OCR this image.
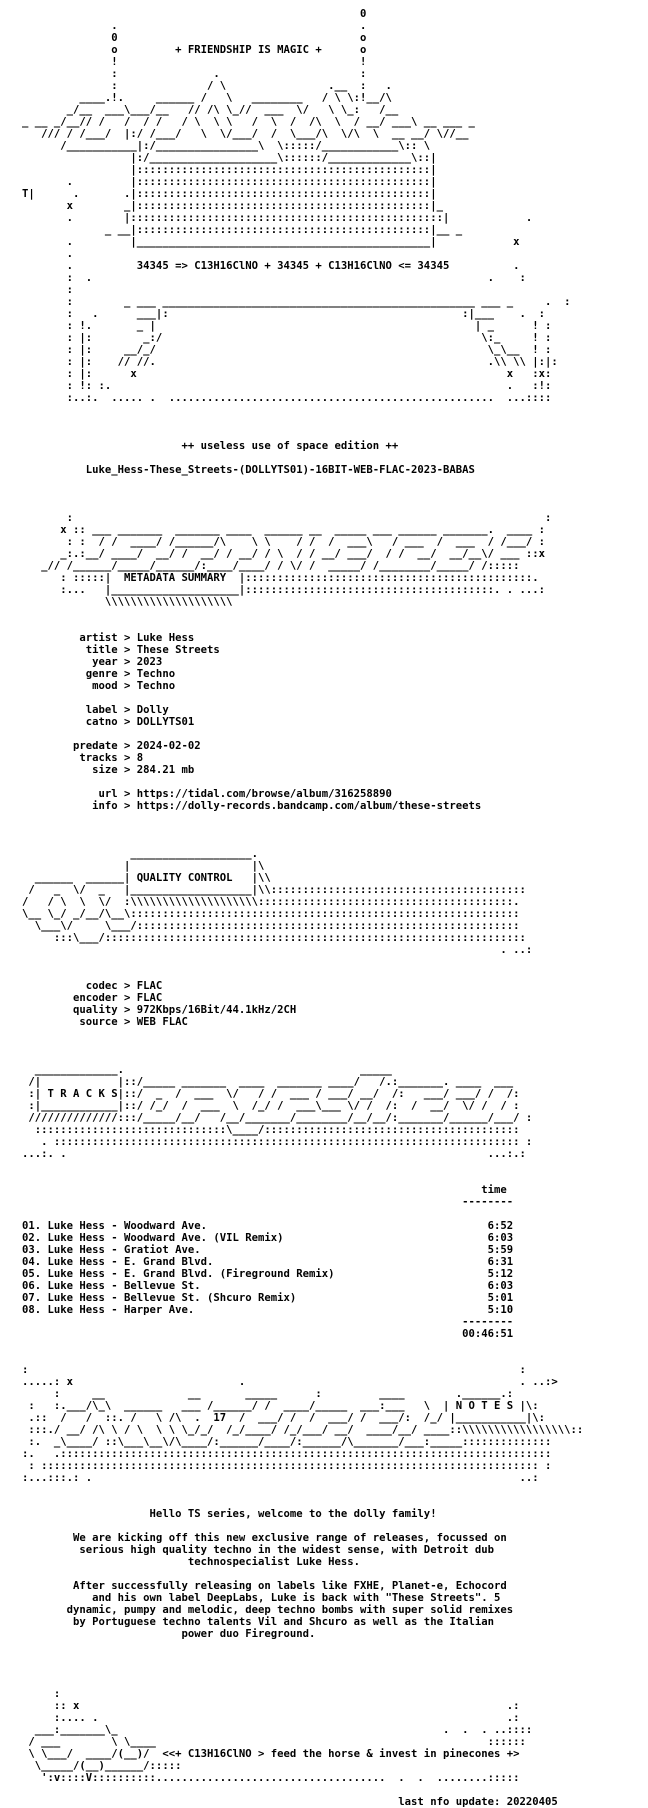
0
.                                      .
0                                      o
o         + FRIENDSHIP IS MAGIC +      o
!                                      !
:               .                      :
:              / \                .__  :   .
____.!.     ______ /   \   ________   / \ \:!__/\
_/__  ___\___/__   // /\ \_//  ___  \/   \ \_:   /__
_ __ _/__// /   /  / /   / \  \ \   /  \  /  /\  \  / __/ ___\ __ ___ _
/// / /___/  |:/ /___/   \  \/___/  /  \___/\  \/\  \  __ __/ \//__
/___________|:/________________\  \:::::/____________\:: \
|:/____________________\::::::/_____________\::|
|::::::::::::::::::::::::::::::::::::::::::::::|
.         |::::::::::::::::::::::::::::::::::::::::::::::|
T|      .       .|::::::::::::::::::::::::::::::::::::::::::::::|
x        _|::::::::::::::::::::::::::::::::::::::::::::::|_
.        |:::::::::::::::::::::::::::::::::::::::::::::::::|            .
_ __|::::::::::::::::::::::::::::::::::::::::::::::|__ _
.         |______________________________________________|            x
.
.          34345 => C13H16ClNO + 34345 + C13H16ClNO <= 34345          .
:  .                                                              .    :
:
:        _ ___ _________________________________________________ ___ _     .  :
:   .      ___|:                                              :|___    .  :
: !.       _ |                                                  | _      ! :
: |:        _:/                                                  \:_     ! :
: |:     __/_/                                                    \_\__  ! :
: |:    // //.                                                    .\\ \\ |:|:
: |:      x                                                          x   :x:
: !: :.                                                              .   :!:
:..:.  ..... .  ...................................................  ...::::

++ useless use of space edition ++

Luke_Hess-These_Streets-(DOLLYTS01)-16BIT-WEB-FLAC-2023-BABAS

:                                                                          :
x :: ___ _______  _______ ____  ______ __  _____ ___ ______ _______.  ____ :
: :  / /  ____/ /______/\    \ \    / /  /  ___\   / ___  /  ___  / /___/ :
_:.:__/ ____/  __/ /  __/ / __/ / \  / / __/ ___/  / /  __/  __/__\/ ___ ::x
_// /______/_____/______/:____/____/ / \/ /  _____/ /________/_____/ /:::::
: :::::|  METADATA SUMMARY  |:::::::::::::::::::::::::::::::::::::::::::::.
:...   |____________________|:::::::::::::::::::::::::::::::::::::::. . ...:
\\\\\\\\\\\\\\\\\\\\

artist > Luke Hess
title > These Streets
year > 2023
genre > Techno
mood > Techno

label > Dolly
catno > DOLLYTS01

predate > 2024-02-02
tracks > 8
size > 284.21 mb

url > https://tidal.com/browse/album/316258890
info > https://dolly-records.bandcamp.com/album/these-streets

___________________.
|                   |\
______  ______| QUALITY CONTROL   |\\
/   _  \/  _   |___________________|\\::::::::::::::::::::::::::::::::::::::::
/   / \  \  \/  :\\\\\\\\\\\\\\\\\\\\::::::::::::::::::::::::::::::::::::::::.
\__ \_/ _/__/\__\:::::::::::::::::::::::::::::::::::::::::::::::::::::::::::::
\___\/     \___/::::::::::::::::::::::::::::::::::::::::::::::::::::::::::::
:::\___/::::::::::::::::::::::::::::::::::::::::::::::::::::::::::::::::::
. ..:

codec > FLAC
encoder > FLAC
quality > 972Kbps/16Bit/44.1kHz/2CH
source > WEB FLAC

_____________.                                     _____
/|            |::/_____ _______  ____  _______ ____/   /.:_______. ____  ___
:| T R A C K S|::/  _  /  ___  \/   / /  ___ / ___/ __/  /:   ___/ ___/ /  /:
:|____________|::/ /_/  /  ___  \  /_/ /  ___\___ \/ /  /:  /  __/  \/ /  / :
//////////////:::/_____/__/   /__/_______/________/__/__/:_______/______/___/ :
::::::::::::::::::::::::::::::\____/::::::::::::::::::::::::::::::::::::::::
. ::::::::::::::::::::::::::::::::::::::::::::::::::::::::::::::::::::::::: :
...:. .                                                                  ...:.:

time
--------

01. Luke Hess - Woodward Ave.                                            6:52
02. Luke Hess - Woodward Ave. (VIL Remix)                                6:03
03. Luke Hess - Gratiot Ave.                                             5:59
04. Luke Hess - E. Grand Blvd.                                           6:31
05. Luke Hess - E. Grand Blvd. (Fireground Remix)                        5:12
06. Luke Hess - Bellevue St.                                             6:03
07. Luke Hess - Bellevue St. (Shcuro Remix)                              5:01
08. Luke Hess - Harper Ave.                                              5:10
--------
00:46:51

:                                                                             :
.....: x                          .                                           . ..:>
:     __             __       _____      :         ____        .______.:
:   :.___/\_\  ______   ___ /______/ /  ____/_____  ___:___   \  | N O T E S |\:
.::  /   /  ::. /   \ /\  .  17  /  ___/ /  /  ___/ /  ___/:  /_/ |___________|\:
:::./ __/ /\ \ / \  \ \ \_/_/  /_/____/ /_/___/ __/  ____/__/ ____::\\\\\\\\\\\\\\\\\::
:.  _\____/ ::\___\__\/\____/:______/____/:______/\_______/___:_____::::::::::::::
:.   .:::::::::::::::::::::::::::::::::::::::::::::::::::::::::::::::::::::::::::::
: :::::::::::::::::::::::::::::::::::::::::::::::::::::::::::::::::::::::::::::: :
:...:::.: .                                                                   ..:

Hello TS series, welcome to the dolly family!

We are kicking off this new exclusive range of releases, focussed on
serious high quality techno in the widest sense, with Detroit dub
technospecialist Luke Hess.

After successfully releasing on labels like FXHE, Planet-e, Echocord
and his own label DeepLabs, Luke is back with "These Streets". 5
dynamic, pumpy and melodic, deep techno bombs with super solid remixes
by Portuguese techno talents Vil and Shcuro as well as the Italian
power duo Fireground.

:
:: x                                                                   .:
:.... .                                                                .:
___:_______\_                                                   .  .  . ..::::
/ ___        \ \____                                                    ::::::
\ \___/  ____/(__)/  <<+ C13H16ClNO > feed the horse & invest in pinecones +>
\_____/(__)______/:::::
':v::::V::::::::::....................................  .  .  ........:::::

last nfo update: 20220405
